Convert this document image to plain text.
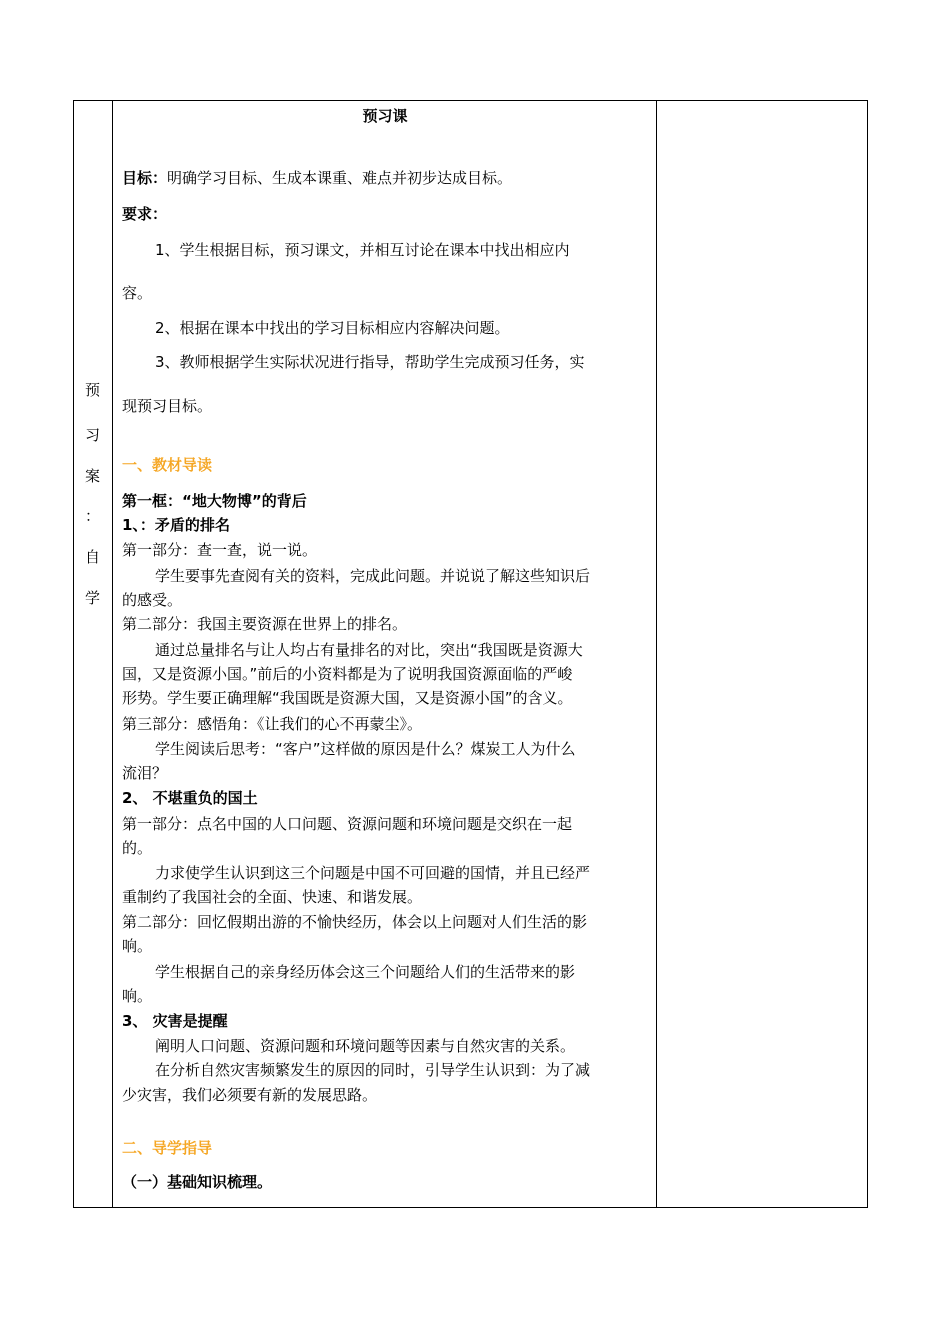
预
习
案
：
自
学
预习课
目标：明确学习目标、生成本课重、难点并初步达成目标。
要求：
1、学生根据目标，预习课文，并相互讨论在课本中找出相应内
容。
2、根据在课本中找出的学习目标相应内容解决问题。
3、教师根据学生实际状况进行指导，帮助学生完成预习任务，实
现预习目标。
一、教材导读
第一框：“地大物博”的背后
1、：矛盾的排名
第一部分：查一查，说一说。
学生要事先查阅有关的资料，完成此问题。并说说了解这些知识后
的感受。
第二部分：我国主要资源在世界上的排名。
通过总量排名与让人均占有量排名的对比，突出“我国既是资源大
国，又是资源小国。”前后的小资料都是为了说明我国资源面临的严峻
形势。学生要正确理解“我国既是资源大国，又是资源小国”的含义。
第三部分：感悟角：《让我们的心不再蒙尘》。
学生阅读后思考：“客户”这样做的原因是什么？煤炭工人为什么
流泪？
2、 不堪重负的国土
第一部分：点名中国的人口问题、资源问题和环境问题是交织在一起
的。
力求使学生认识到这三个问题是中国不可回避的国情，并且已经严
重制约了我国社会的全面、快速、和谐发展。
第二部分：回忆假期出游的不愉快经历，体会以上问题对人们生活的影
响。
学生根据自己的亲身经历体会这三个问题给人们的生活带来的影
响。
3、 灾害是提醒
阐明人口问题、资源问题和环境问题等因素与自然灾害的关系。
在分析自然灾害频繁发生的原因的同时，引导学生认识到：为了减
少灾害，我们必须要有新的发展思路。
二、导学指导
（一）基础知识梳理。
